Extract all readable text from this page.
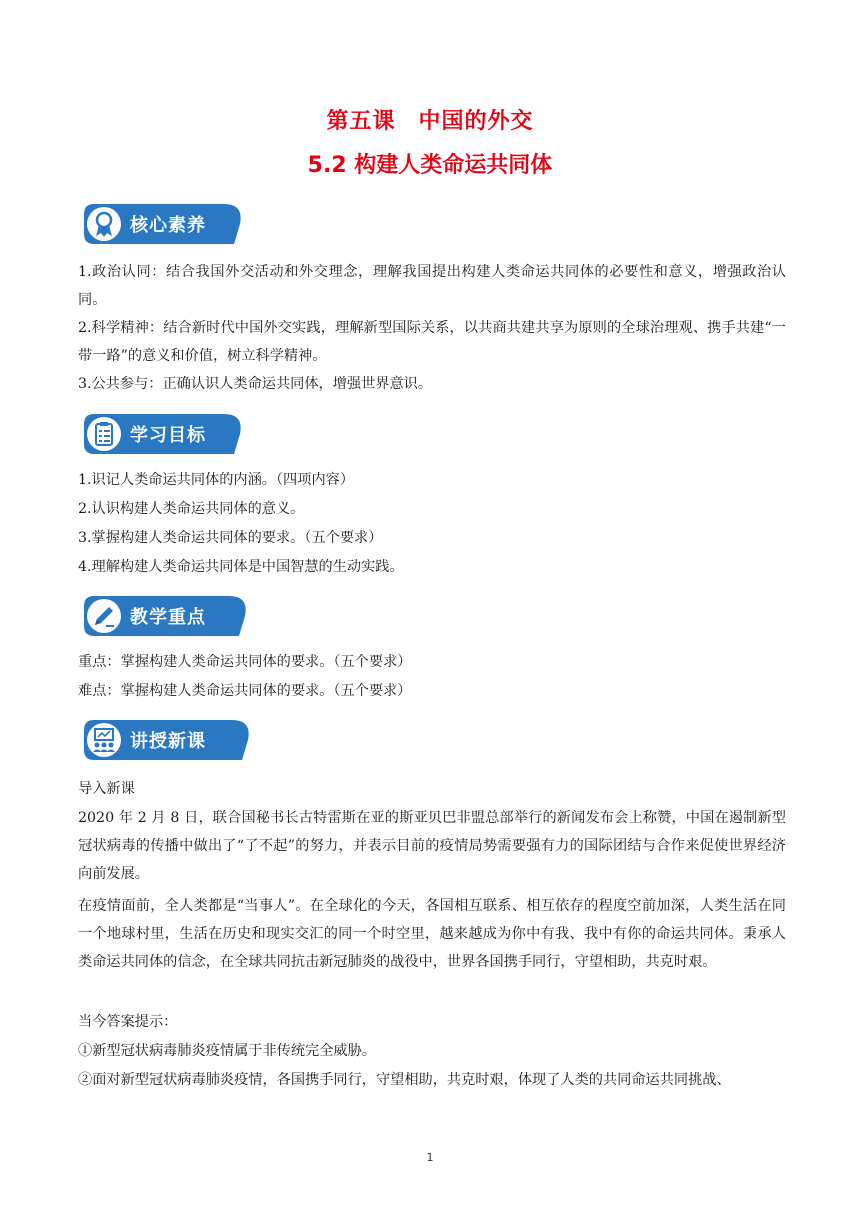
第五课　中国的外交
5.2 构建人类命运共同体
核心素养
1.政治认同：结合我国外交活动和外交理念，理解我国提出构建人类命运共同体的必要性和意义，增强政治认同。
2.科学精神：结合新时代中国外交实践，理解新型国际关系，以共商共建共享为原则的全球治理观、携手共建“一带一路”的意义和价值，树立科学精神。
3.公共参与：正确认识人类命运共同体，增强世界意识。
学习目标
1.识记人类命运共同体的内涵。（四项内容）
2.认识构建人类命运共同体的意义。
3.掌握构建人类命运共同体的要求。（五个要求）
4.理解构建人类命运共同体是中国智慧的生动实践。
教学重点
重点：掌握构建人类命运共同体的要求。（五个要求）
难点：掌握构建人类命运共同体的要求。（五个要求）
讲授新课
导入新课
2020 年 2 月 8 日，联合国秘书长古特雷斯在亚的斯亚贝巴非盟总部举行的新闻发布会上称赞，中国在遏制新型冠状病毒的传播中做出了“了不起”的努力，并表示目前的疫情局势需要强有力的国际团结与合作来促使世界经济向前发展。
在疫情面前，全人类都是“当事人”。在全球化的今天，各国相互联系、相互依存的程度空前加深，人类生活在同一个地球村里，生活在历史和现实交汇的同一个时空里，越来越成为你中有我、我中有你的命运共同体。秉承人类命运共同体的信念，在全球共同抗击新冠肺炎的战役中，世界各国携手同行，守望相助，共克时艰。
当今答案提示：
①新型冠状病毒肺炎疫情属于非传统完全威胁。
②面对新型冠状病毒肺炎疫情，各国携手同行，守望相助，共克时艰，体现了人类的共同命运共同挑战、
1
